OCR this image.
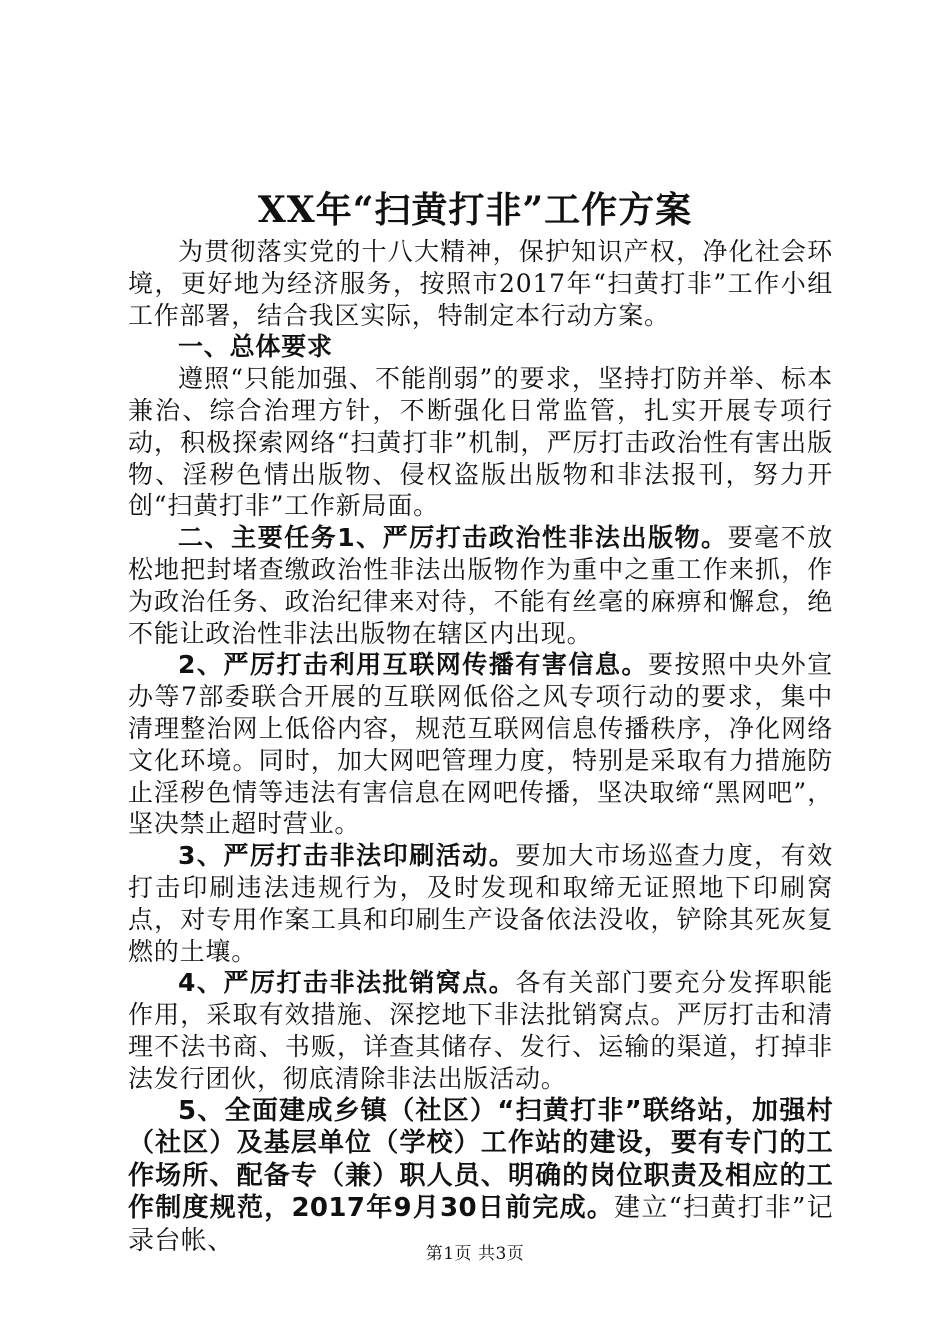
XX年“扫黄打非”工作方案

为贯彻落实党的十八大精神，保护知识产权，净化社会环境，更好地为经济服务，按照市2017年“扫黄打非”工作小组工作部署，结合我区实际，特制定本行动方案。

一、总体要求

遵照“只能加强、不能削弱”的要求，坚持打防并举、标本兼治、综合治理方针，不断强化日常监管，扎实开展专项行动，积极探索网络“扫黄打非”机制，严厉打击政治性有害出版物、淫秽色情出版物、侵权盗版出版物和非法报刊，努力开创“扫黄打非”工作新局面。

二、主要任务1、严厉打击政治性非法出版物。要毫不放松地把封堵查缴政治性非法出版物作为重中之重工作来抓，作为政治任务、政治纪律来对待，不能有丝毫的麻痹和懈怠，绝不能让政治性非法出版物在辖区内出现。

2、严厉打击利用互联网传播有害信息。要按照中央外宣办等7部委联合开展的互联网低俗之风专项行动的要求，集中清理整治网上低俗内容，规范互联网信息传播秩序，净化网络文化环境。同时，加大网吧管理力度，特别是采取有力措施防止淫秽色情等违法有害信息在网吧传播，坚决取缔“黑网吧”，坚决禁止超时营业。

3、严厉打击非法印刷活动。要加大市场巡查力度，有效打击印刷违法违规行为，及时发现和取缔无证照地下印刷窝点，对专用作案工具和印刷生产设备依法没收，铲除其死灰复燃的土壤。

4、严厉打击非法批销窝点。各有关部门要充分发挥职能作用，采取有效措施、深挖地下非法批销窝点。严厉打击和清理不法书商、书贩，详查其储存、发行、运输的渠道，打掉非法发行团伙，彻底清除非法出版活动。

5、全面建成乡镇（社区）“扫黄打非”联络站，加强村（社区）及基层单位（学校）工作站的建设，要有专门的工作场所、配备专（兼）职人员、明确的岗位职责及相应的工作制度规范，2017年9月30日前完成。建立“扫黄打非”记录台帐、	第1页 共3页
